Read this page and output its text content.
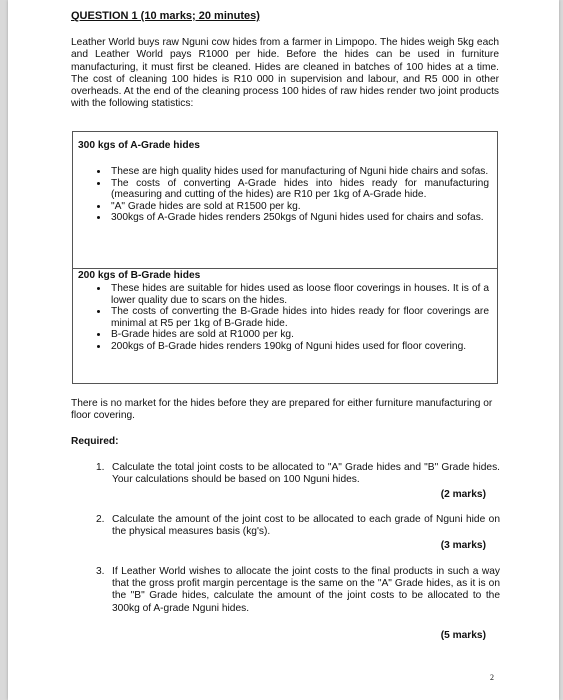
QUESTION 1 (10 marks; 20 minutes)
Leather World buys raw Nguni cow hides from a farmer in Limpopo. The hides weigh 5kg each and Leather World pays R1000 per hide. Before the hides can be used in furniture manufacturing, it must first be cleaned. Hides are cleaned in batches of 100 hides at a time. The cost of cleaning 100 hides is R10 000 in supervision and labour, and R5 000 in other overheads. At the end of the cleaning process 100 hides of raw hides render two joint products with the following statistics:
300 kgs of A-Grade hides
These are high quality hides used for manufacturing of Nguni hide chairs and sofas.
The costs of converting A-Grade hides into hides ready for manufacturing (measuring and cutting of the hides) are R10 per 1kg of A-Grade hide.
"A" Grade hides are sold at R1500 per kg.
300kgs of A-Grade hides renders 250kgs of Nguni hides used for chairs and sofas.
200 kgs of B-Grade hides
These hides are suitable for hides used as loose floor coverings in houses. It is of a lower quality due to scars on the hides.
The costs of converting the B-Grade hides into hides ready for floor coverings are minimal at R5 per 1kg of B-Grade hide.
B-Grade hides are sold at R1000 per kg.
200kgs of B-Grade hides renders 190kg of Nguni hides used for floor covering.
There is no market for the hides before they are prepared for either furniture manufacturing or floor covering.
Required:
1. Calculate the total joint costs to be allocated to "A" Grade hides and "B" Grade hides. Your calculations should be based on 100 Nguni hides.
(2 marks)
2. Calculate the amount of the joint cost to be allocated to each grade of Nguni hide on the physical measures basis (kg's).
(3 marks)
3. If Leather World wishes to allocate the joint costs to the final products in such a way that the gross profit margin percentage is the same on the "A" Grade hides, as it is on the "B" Grade hides, calculate the amount of the joint costs to be allocated to the 300kg of A-grade Nguni hides.
(5 marks)
2
